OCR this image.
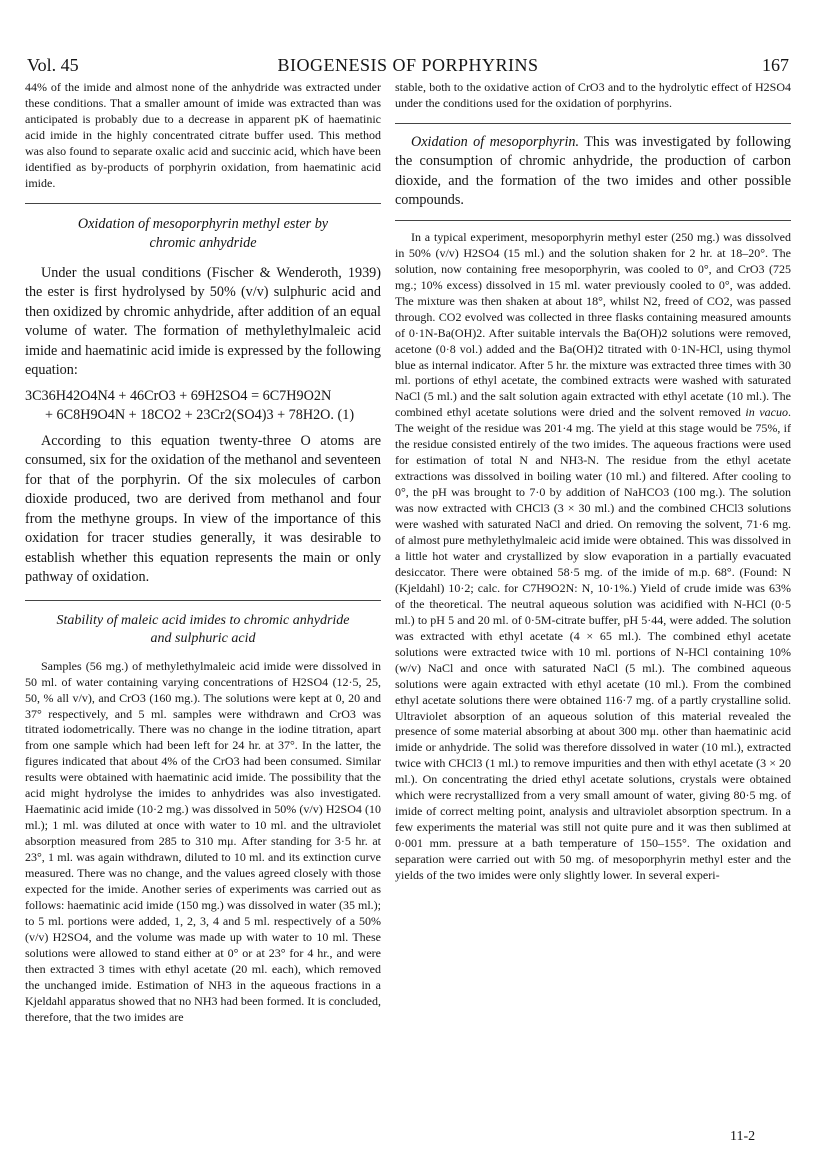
Vol. 45	BIOGENESIS OF PORPHYRINS	167

44% of the imide and almost none of the anhydride was extracted under these conditions. That a smaller amount of imide was extracted than was anticipated is probably due to a decrease in apparent pK of haematinic acid imide in the highly concentrated citrate buffer used. This method was also found to separate oxalic acid and succinic acid, which have been identified as by-products of porphyrin oxidation, from haematinic acid imide.

Oxidation of mesoporphyrin methyl ester by
chromic anhydride

Under the usual conditions (Fischer & Wenderoth, 1939) the ester is first hydrolysed by 50% (v/v) sulphuric acid and then oxidized by chromic anhydride, after addition of an equal volume of water. The formation of methylethylmaleic acid imide and haematinic acid imide is expressed by the following equation:

3C36H42O4N4 + 46CrO3 + 69H2SO4 = 6C7H9O2N

+ 6C8H9O4N + 18CO2 + 23Cr2(SO4)3 + 78H2O. (1)

According to this equation twenty-three O atoms are consumed, six for the oxidation of the methanol and seventeen for that of the porphyrin. Of the six molecules of carbon dioxide produced, two are derived from methanol and four from the methyne groups. In view of the importance of this oxidation for tracer studies generally, it was desirable to establish whether this equation represents the main or only pathway of oxidation.

Stability of maleic acid imides to chromic anhydride
and sulphuric acid

Samples (56 mg.) of methylethylmaleic acid imide were dissolved in 50 ml. of water containing varying concentrations of H2SO4 (12·5, 25, 50, % all v/v), and CrO3 (160 mg.). The solutions were kept at 0, 20 and 37° respectively, and 5 ml. samples were withdrawn and CrO3 was titrated iodometrically. There was no change in the iodine titration, apart from one sample which had been left for 24 hr. at 37°. In the latter, the figures indicated that about 4% of the CrO3 had been consumed. Similar results were obtained with haematinic acid imide. The possibility that the acid might hydrolyse the imides to anhydrides was also investigated. Haematinic acid imide (10·2 mg.) was dissolved in 50% (v/v) H2SO4 (10 ml.); 1 ml. was diluted at once with water to 10 ml. and the ultraviolet absorption measured from 285 to 310 mμ. After standing for 3·5 hr. at 23°, 1 ml. was again withdrawn, diluted to 10 ml. and its extinction curve measured. There was no change, and the values agreed closely with those expected for the imide. Another series of experiments was carried out as follows: haematinic acid imide (150 mg.) was dissolved in water (35 ml.); to 5 ml. portions were added, 1, 2, 3, 4 and 5 ml. respectively of a 50% (v/v) H2SO4, and the volume was made up with water to 10 ml. These solutions were allowed to stand either at 0° or at 23° for 4 hr., and were then extracted 3 times with ethyl acetate (20 ml. each), which removed the unchanged imide. Estimation of NH3 in the aqueous fractions in a Kjeldahl apparatus showed that no NH3 had been formed. It is concluded, therefore, that the two imides are

stable, both to the oxidative action of CrO3 and to the hydrolytic effect of H2SO4 under the conditions used for the oxidation of porphyrins.

Oxidation of mesoporphyrin. This was investigated by following the consumption of chromic anhydride, the production of carbon dioxide, and the formation of the two imides and other possible compounds.

In a typical experiment, mesoporphyrin methyl ester (250 mg.) was dissolved in 50% (v/v) H2SO4 (15 ml.) and the solution shaken for 2 hr. at 18–20°. The solution, now containing free mesoporphyrin, was cooled to 0°, and CrO3 (725 mg.; 10% excess) dissolved in 15 ml. water previously cooled to 0°, was added. The mixture was then shaken at about 18°, whilst N2, freed of CO2, was passed through. CO2 evolved was collected in three flasks containing measured amounts of 0·1N-Ba(OH)2. After suitable intervals the Ba(OH)2 solutions were removed, acetone (0·8 vol.) added and the Ba(OH)2 titrated with 0·1N-HCl, using thymol blue as internal indicator. After 5 hr. the mixture was extracted three times with 30 ml. portions of ethyl acetate, the combined extracts were washed with saturated NaCl (5 ml.) and the salt solution again extracted with ethyl acetate (10 ml.). The combined ethyl acetate solutions were dried and the solvent removed in vacuo. The weight of the residue was 201·4 mg. The yield at this stage would be 75%, if the residue consisted entirely of the two imides. The aqueous fractions were used for estimation of total N and NH3-N. The residue from the ethyl acetate extractions was dissolved in boiling water (10 ml.) and filtered. After cooling to 0°, the pH was brought to 7·0 by addition of NaHCO3 (100 mg.). The solution was now extracted with CHCl3 (3 × 30 ml.) and the combined CHCl3 solutions were washed with saturated NaCl and dried. On removing the solvent, 71·6 mg. of almost pure methylethylmaleic acid imide were obtained. This was dissolved in a little hot water and crystallized by slow evaporation in a partially evacuated desiccator. There were obtained 58·5 mg. of the imide of m.p. 68°. (Found: N (Kjeldahl) 10·2; calc. for C7H9O2N: N, 10·1%.) Yield of crude imide was 63% of the theoretical. The neutral aqueous solution was acidified with N-HCl (0·5 ml.) to pH 5 and 20 ml. of 0·5M-citrate buffer, pH 5·44, were added. The solution was extracted with ethyl acetate (4 × 65 ml.). The combined ethyl acetate solutions were extracted twice with 10 ml. portions of N-HCl containing 10% (w/v) NaCl and once with saturated NaCl (5 ml.). The combined aqueous solutions were again extracted with ethyl acetate (10 ml.). From the combined ethyl acetate solutions there were obtained 116·7 mg. of a partly crystalline solid. Ultraviolet absorption of an aqueous solution of this material revealed the presence of some material absorbing at about 300 mμ. other than haematinic acid imide or anhydride. The solid was therefore dissolved in water (10 ml.), extracted twice with CHCl3 (1 ml.) to remove impurities and then with ethyl acetate (3 × 20 ml.). On concentrating the dried ethyl acetate solutions, crystals were obtained which were recrystallized from a very small amount of water, giving 80·5 mg. of imide of correct melting point, analysis and ultraviolet absorption spectrum. In a few experiments the material was still not quite pure and it was then sublimed at 0·001 mm. pressure at a bath temperature of 150–155°. The oxidation and separation were carried out with 50 mg. of mesoporphyrin methyl ester and the yields of the two imides were only slightly lower. In several experi-

11-2
